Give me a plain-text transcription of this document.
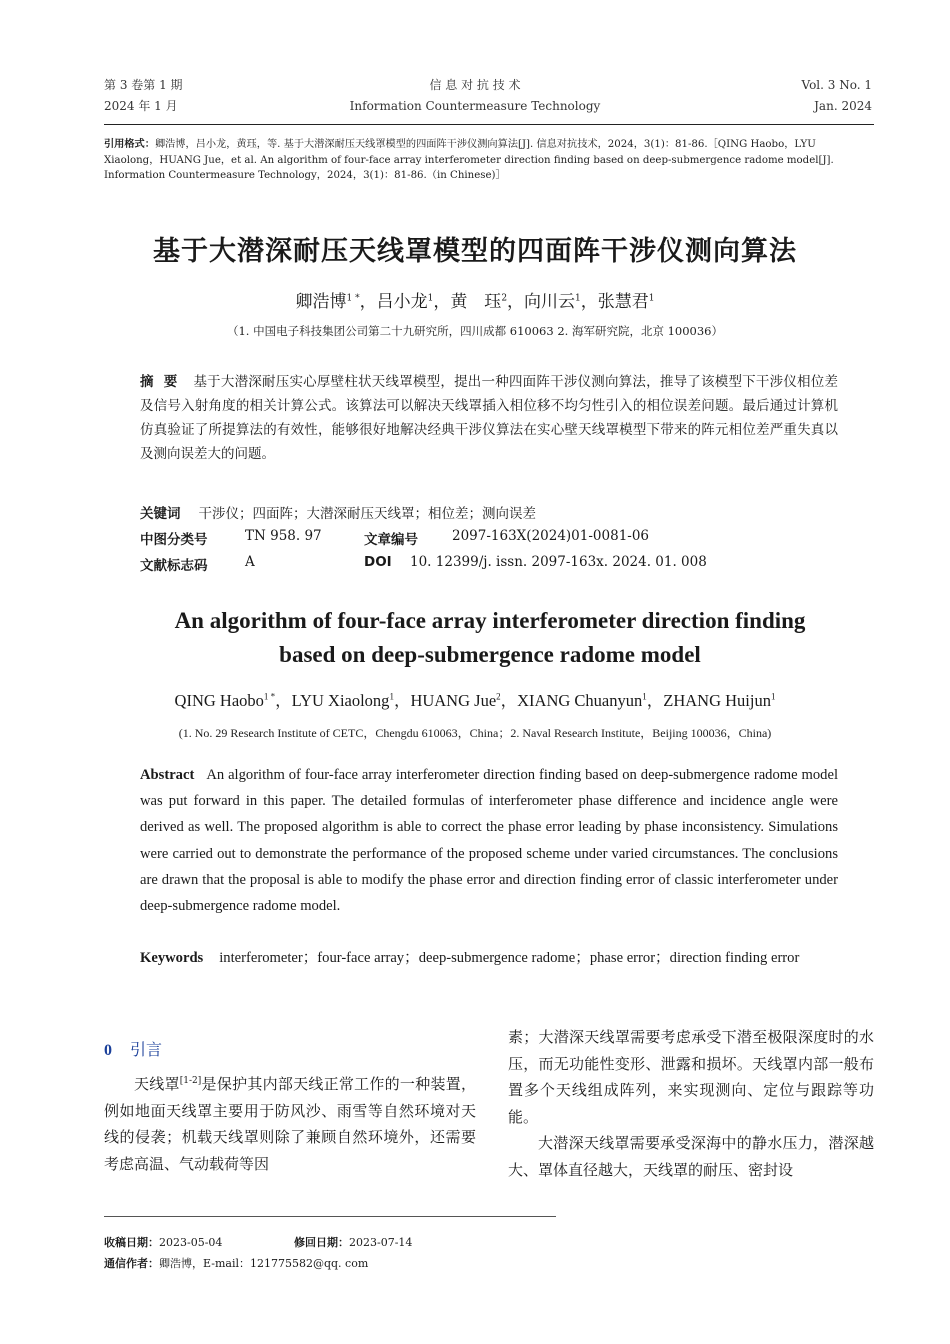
第 3 卷第 1 期
2024 年 1 月
信 息 对 抗 技 术
Information Countermeasure Technology
Vol. 3 No. 1
Jan. 2024
引用格式：卿浩博，吕小龙，黄珏，等. 基于大潜深耐压天线罩模型的四面阵干涉仪测向算法[J]. 信息对抗技术，2024，3(1)：81-86.［QING Haobo，LYU Xiaolong，HUANG Jue，et al. An algorithm of four-face array interferometer direction finding based on deep-submergence radome model[J]. Information Countermeasure Technology，2024，3(1)：81-86.（in Chinese)］
基于大潜深耐压天线罩模型的四面阵干涉仪测向算法
卿浩博$^{1 *}$，吕小龙$^1$，黄　珏$^2$，向川云$^1$，张慧君$^1$
（1. 中国电子科技集团公司第二十九研究所，四川成都 610063 2. 海军研究院，北京 100036）
摘要 基于大潜深耐压实心厚壁柱状天线罩模型，提出一种四面阵干涉仪测向算法，推导了该模型下干涉仪相位差及信号入射角度的相关计算公式。该算法可以解决天线罩插入相位移不均匀性引入的相位误差问题。最后通过计算机仿真验证了所提算法的有效性，能够很好地解决经典干涉仪算法在实心壁天线罩模型下带来的阵元相位差严重失真以及测向误差大的问题。
关键词 干涉仪；四面阵；大潜深耐压天线罩；相位差；测向误差
中图分类号	TN 958. 97	文章编号	2097-163X(2024)01-0081-06
文献标志码	A	DOI 10. 12399/j. issn. 2097-163x. 2024. 01. 008
An algorithm of four-face array interferometer direction finding
based on deep-submergence radome model
QING Haobo$^{1 *}$，LYU Xiaolong$^1$，HUANG Jue$^2$，XIANG Chuanyun$^1$，ZHANG Huijun$^1$
(1. No. 29 Research Institute of CETC，Chengdu 610063，China；2. Naval Research Institute，Beijing 100036，China)
Abstract An algorithm of four-face array interferometer direction finding based on deep-submergence radome model was put forward in this paper. The detailed formulas of interferometer phase difference and incidence angle were derived as well. The proposed algorithm is able to correct the phase error leading by phase inconsistency. Simulations were carried out to demonstrate the performance of the proposed scheme under varied circumstances. The conclusions are drawn that the proposal is able to modify the phase error and direction finding error of classic interferometer under deep-submergence radome model.
Keywords interferometer；four-face array；deep-submergence radome；phase error；direction finding error
0 引言

天线罩[1-2]是保护其内部天线正常工作的一种装置，例如地面天线罩主要用于防风沙、雨雪等自然环境对天线的侵袭；机载天线罩则除了兼顾自然环境外，还需要考虑高温、气动载荷等因

素；大潜深天线罩需要考虑承受下潜至极限深度时的水压，而无功能性变形、泄露和损坏。天线罩内部一般布置多个天线组成阵列，来实现测向、定位与跟踪等功能。

大潜深天线罩需要承受深海中的静水压力，潜深越大、罩体直径越大，天线罩的耐压、密封设

收稿日期：2023-05-04	修回日期：2023-07-14
通信作者：卿浩博，E-mail：121775582@qq. com
